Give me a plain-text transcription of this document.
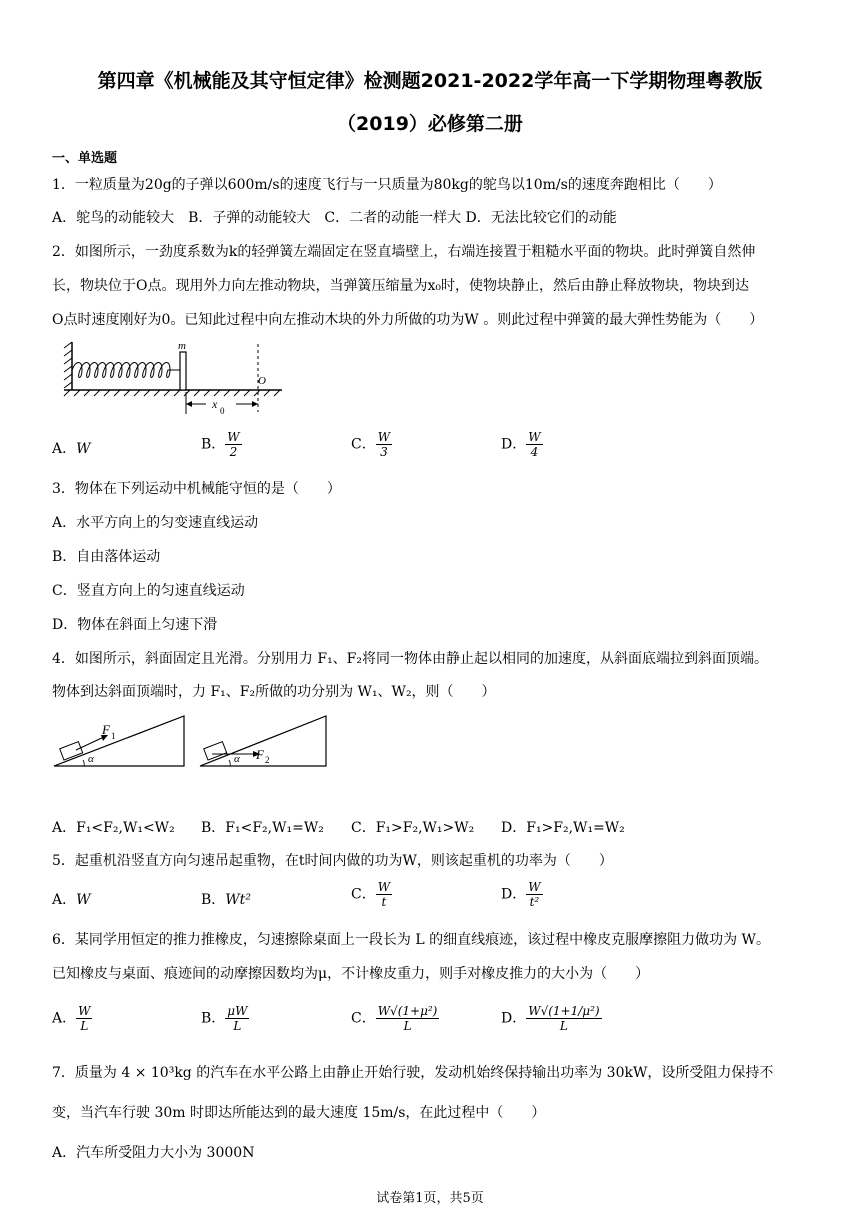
第四章《机械能及其守恒定律》检测题2021-2022学年高一下学期物理粤教版
（2019）必修第二册
一、单选题
1．一粒质量为20g的子弹以600m/s的速度飞行与一只质量为80kg的鸵鸟以10m/s的速度奔跑相比（　　）
A．鸵鸟的动能较大　B．子弹的动能较大　C．二者的动能一样大 D．无法比较它们的动能
2．如图所示，一劲度系数为k的轻弹簧左端固定在竖直墙壁上，右端连接置于粗糙水平面的物块。此时弹簧自然伸
长，物块位于O点。现用外力向左推动物块，当弹簧压缩量为x₀时，使物块静止，然后由静止释放物块，物块到达
O点时速度刚好为0。已知此过程中向左推动木块的外力所做的功为W 。则此过程中弹簧的最大弹性势能为（　　）
m
O
x 0
A．W	B． $\frac{W}{2}$	C． $\frac{W}{3}$	D． $\frac{W}{4}$
3．物体在下列运动中机械能守恒的是（　　）
A．水平方向上的匀变速直线运动
B．自由落体运动
C．竖直方向上的匀速直线运动
D．物体在斜面上匀速下滑
4．如图所示，斜面固定且光滑。分别用力 F₁、F₂将同一物体由静止起以相同的加速度，从斜面底端拉到斜面顶端。
物体到达斜面顶端时，力 F₁、F₂所做的功分别为 W₁、W₂，则（　　）
F 1
α	F 2
α
A．F₁<F₂,W₁<W₂ B．F₁<F₂,W₁=W₂ C．F₁>F₂,W₁>W₂ D．F₁>F₂,W₁=W₂
5．起重机沿竖直方向匀速吊起重物，在t时间内做的功为W，则该起重机的功率为（　　）
A．W	B．Wt²	C． $\frac{W}{t}$	D． $\frac{W}{\text{t²}}$
6．某同学用恒定的推力推橡皮，匀速擦除桌面上一段长为 L 的细直线痕迹，该过程中橡皮克服摩擦阻力做功为 W。
已知橡皮与桌面、痕迹间的动摩擦因数均为μ，不计橡皮重力，则手对橡皮推力的大小为（　　）
A． $\frac{W}{L}$	B． $\frac{\mu W}{L}$	C． $\frac{\text{W√(1+μ²)}}{L}$	D． $\frac{\text{W√(1+1/μ²)}}{L}$
7．质量为 4 × 10³kg 的汽车在水平公路上由静止开始行驶，发动机始终保持输出功率为 30kW，设所受阻力保持不
变，当汽车行驶 30m 时即达所能达到的最大速度 15m/s，在此过程中（　　）
A．汽车所受阻力大小为 3000N
试卷第1页，共5页
